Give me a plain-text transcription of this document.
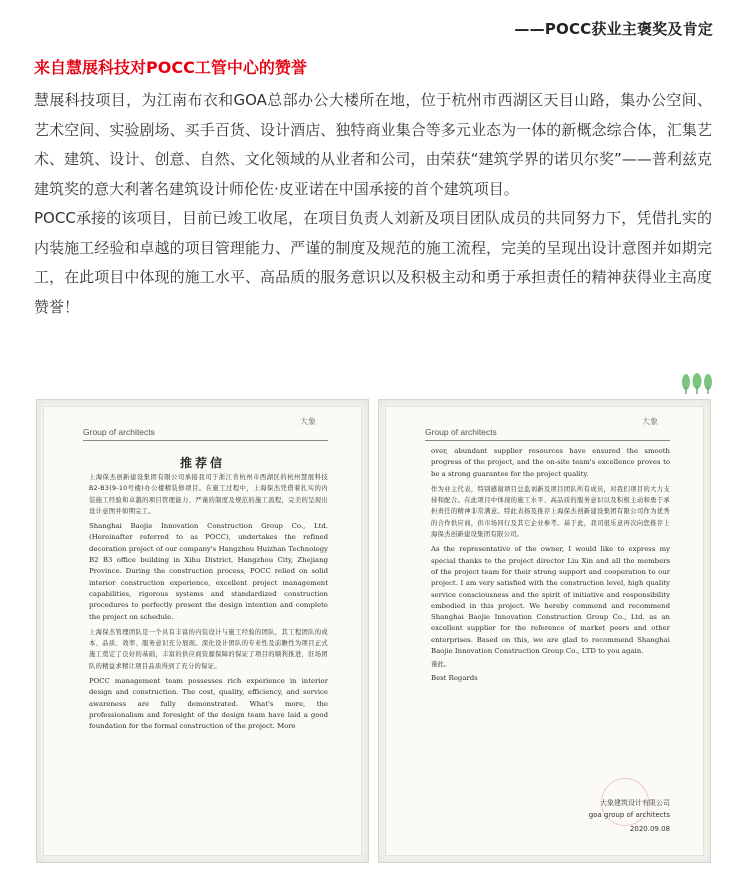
——POCC获业主褒奖及肯定
来自慧展科技对POCC工管中心的赞誉

慧展科技项目，为江南布衣和GOA总部办公大楼所在地，位于杭州市西湖区天目山路，集办公空间、艺术空间、实验剧场、买手百货、设计酒店、独特商业集合等多元业态为一体的新概念综合体，汇集艺术、建筑、设计、创意、自然、文化领域的从业者和公司，由荣获“建筑学界的诺贝尔奖”——普利兹克建筑奖的意大利著名建筑设计师伦佐·皮亚诺在中国承接的首个建筑项目。

POCC承接的该项目，目前已竣工收尾，在项目负责人刘新及项目团队成员的共同努力下，凭借扎实的内装施工经验和卓越的项目管理能力、严谨的制度及规范的施工流程，完美的呈现出设计意图并如期完工，在此项目中体现的施工水平、高品质的服务意识以及积极主动和勇于承担责任的精神获得业主高度赞誉！

Group of architects
大象
推荐信

上海保杰创新建设集团有限公司承接我司于浙江省杭州市西湖区的杭州慧展科技B2-B3(9-10号楼)办公楼精装修项目。在施工过程中，上海保杰凭借着扎实的内装施工经验和卓越的项目管理能力、严谨的制度及规范的施工流程，完美的呈现出设计意图并如期完工。

Shanghai Baojie Innovation Construction Group Co., Ltd. (Hereinafter referred to as POCC), undertakes the refined decoration project of our company's Hangzhou Huizhan Technology B2 B3 office building in Xihu District, Hangzhou City, Zhejiang Province. During the construction process, POCC relied on solid interior construction experience, excellent project management capabilities, rigorous systems and standardized construction procedures to perfectly present the design intention and complete the project on schedule.

上海保杰管理团队是一个具有丰富的内装设计与施工经验的团队，其工程团队的成本、品质、效率、服务意识充分展现。深化设计团队的专业性及前瞻性为项目正式施工奠定了良好的基础，丰富的供应商资源保障的保证了项目的顺利推进，驻场团队的精益求精让项目品质得到了充分的保证。

POCC management team possesses rich experience in interior design and construction. The cost, quality, efficiency, and service awareness are fully demonstrated. What's more, the professionalism and foresight of the design team have laid a good foundation for the formal construction of the project. More

Group of architects
大象

over, abundant supplier resources have ensured the smooth progress of the project, and the on-site team's excellence proves to be a strong guarantee for the project quality.

作为业主代表，特别感谢项目总监刘新及项目团队所有成员，对我们项目的大力支持和配合。在此项目中体现的施工水平、高品质的服务意识以及积极主动和勇于承担责任的精神非常满意。特此表扬及推荐上海保杰创新建设集团有限公司作为优秀的合作供应商，供市场同行及其它企业参考。基于此，我司很乐意再次向您推荐上海保杰创新建设集团有限公司。

As the representative of the owner, I would like to express my special thanks to the project director Liu Xin and all the members of the project team for their strong support and cooperation to our project. I am very satisfied with the construction level, high quality service consciousness and the spirit of initiative and responsibility embodied in this project. We hereby commend and recommend Shanghai Baojie Innovation Construction Group Co., Ltd. as an excellent supplier for the reference of market peers and other enterprises. Based on this, we are glad to recommend Shanghai Baojie Innovation Construction Group Co., LTD to you again.

谨此。

Best Regards

大象建筑设计有限公司
goa group of architects
2020.09.08
